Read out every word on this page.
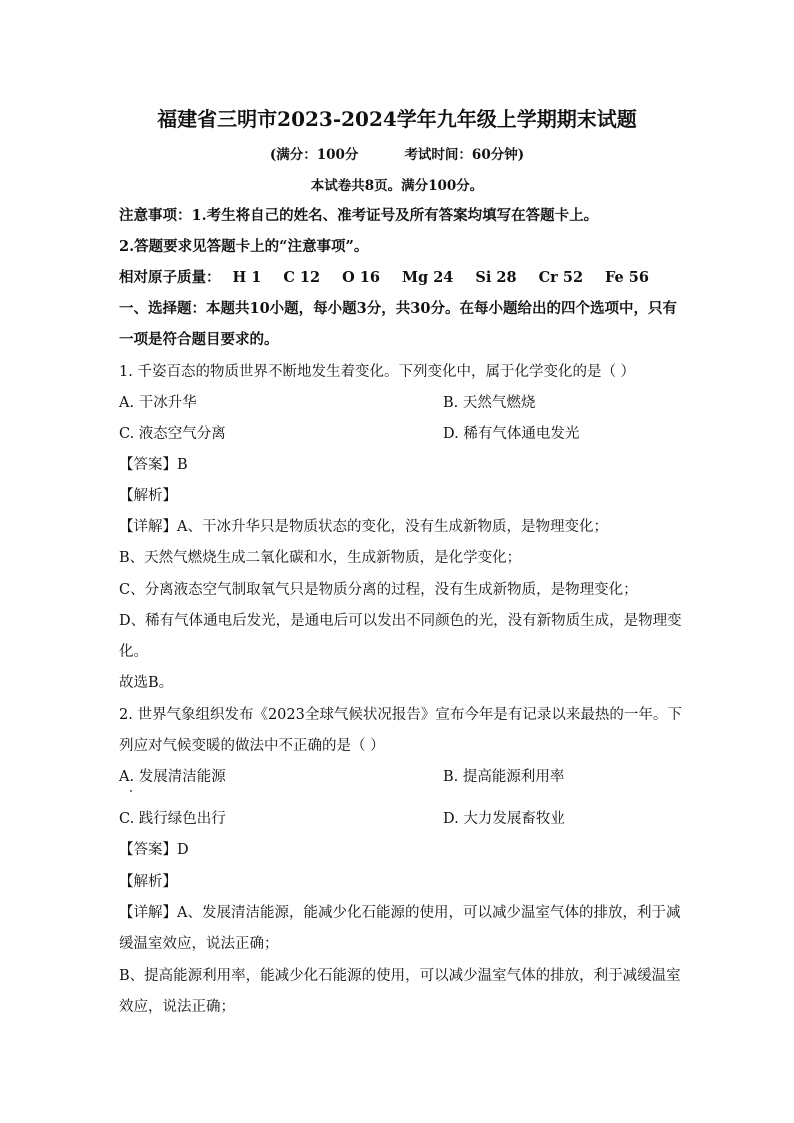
福建省三明市2023-2024学年九年级上学期期末试题
(满分：100分	考试时间：60分钟)
本试卷共8页。满分100分。
注意事项：1.考生将自己的姓名、准考证号及所有答案均填写在答题卡上。
2.答题要求见答题卡上的“注意事项”。
相对原子质量： H 1 C 12 O 16 Mg 24 Si 28 Cr 52 Fe 56
一、选择题：本题共10小题，每小题3分，共30分。在每小题给出的四个选项中，只有
一项是符合题目要求的。
1. 千姿百态的物质世界不断地发生着变化。下列变化中，属于化学变化的是（ ）
A. 干冰升华	B. 天然气燃烧
C. 液态空气分离	D. 稀有气体通电发光
【答案】B
【解析】
【详解】A、干冰升华只是物质状态的变化，没有生成新物质，是物理变化；
B、天然气燃烧生成二氧化碳和水，生成新物质，是化学变化；
C、分离液态空气制取氧气只是物质分离的过程，没有生成新物质，是物理变化；
D、稀有气体通电后发光，是通电后可以发出不同颜色的光，没有新物质生成，是物理变
化。
故选B。
2. 世界气象组织发布《2023全球气候状况报告》宣布今年是有记录以来最热的一年。下
列应对气候变暖的做法中不正确的是（ ）
A. 发展清洁能源	B. 提高能源利用率
C. 践行绿色出行	D. 大力发展畜牧业
【答案】D
【解析】
【详解】A、发展清洁能源，能减少化石能源的使用，可以减少温室气体的排放，利于减
缓温室效应，说法正确；
B、提高能源利用率，能减少化石能源的使用，可以减少温室气体的排放，利于减缓温室
效应，说法正确；
